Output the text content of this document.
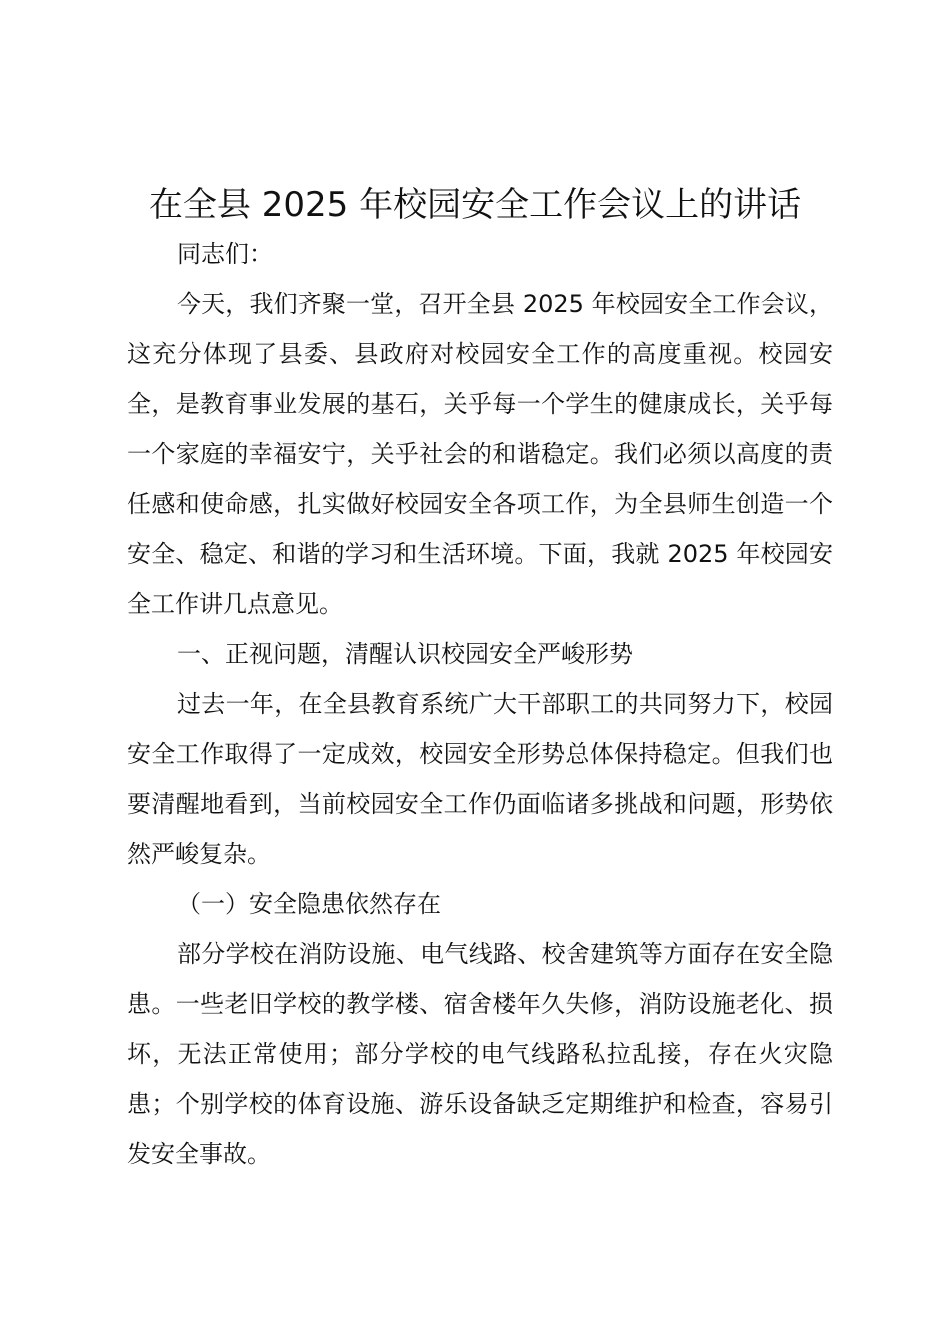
在全县 2025 年校园安全工作会议上的讲话

同志们：

今天，我们齐聚一堂，召开全县 2025 年校园安全工作会议，这充分体现了县委、县政府对校园安全工作的高度重视。校园安全，是教育事业发展的基石，关乎每一个学生的健康成长，关乎每一个家庭的幸福安宁，关乎社会的和谐稳定。我们必须以高度的责任感和使命感，扎实做好校园安全各项工作，为全县师生创造一个安全、稳定、和谐的学习和生活环境。下面，我就 2025 年校园安全工作讲几点意见。

一、正视问题，清醒认识校园安全严峻形势

过去一年，在全县教育系统广大干部职工的共同努力下，校园安全工作取得了一定成效，校园安全形势总体保持稳定。但我们也要清醒地看到，当前校园安全工作仍面临诸多挑战和问题，形势依然严峻复杂。

（一）安全隐患依然存在

部分学校在消防设施、电气线路、校舍建筑等方面存在安全隐患。一些老旧学校的教学楼、宿舍楼年久失修，消防设施老化、损坏，无法正常使用；部分学校的电气线路私拉乱接，存在火灾隐患；个别学校的体育设施、游乐设备缺乏定期维护和检查，容易引发安全事故。
